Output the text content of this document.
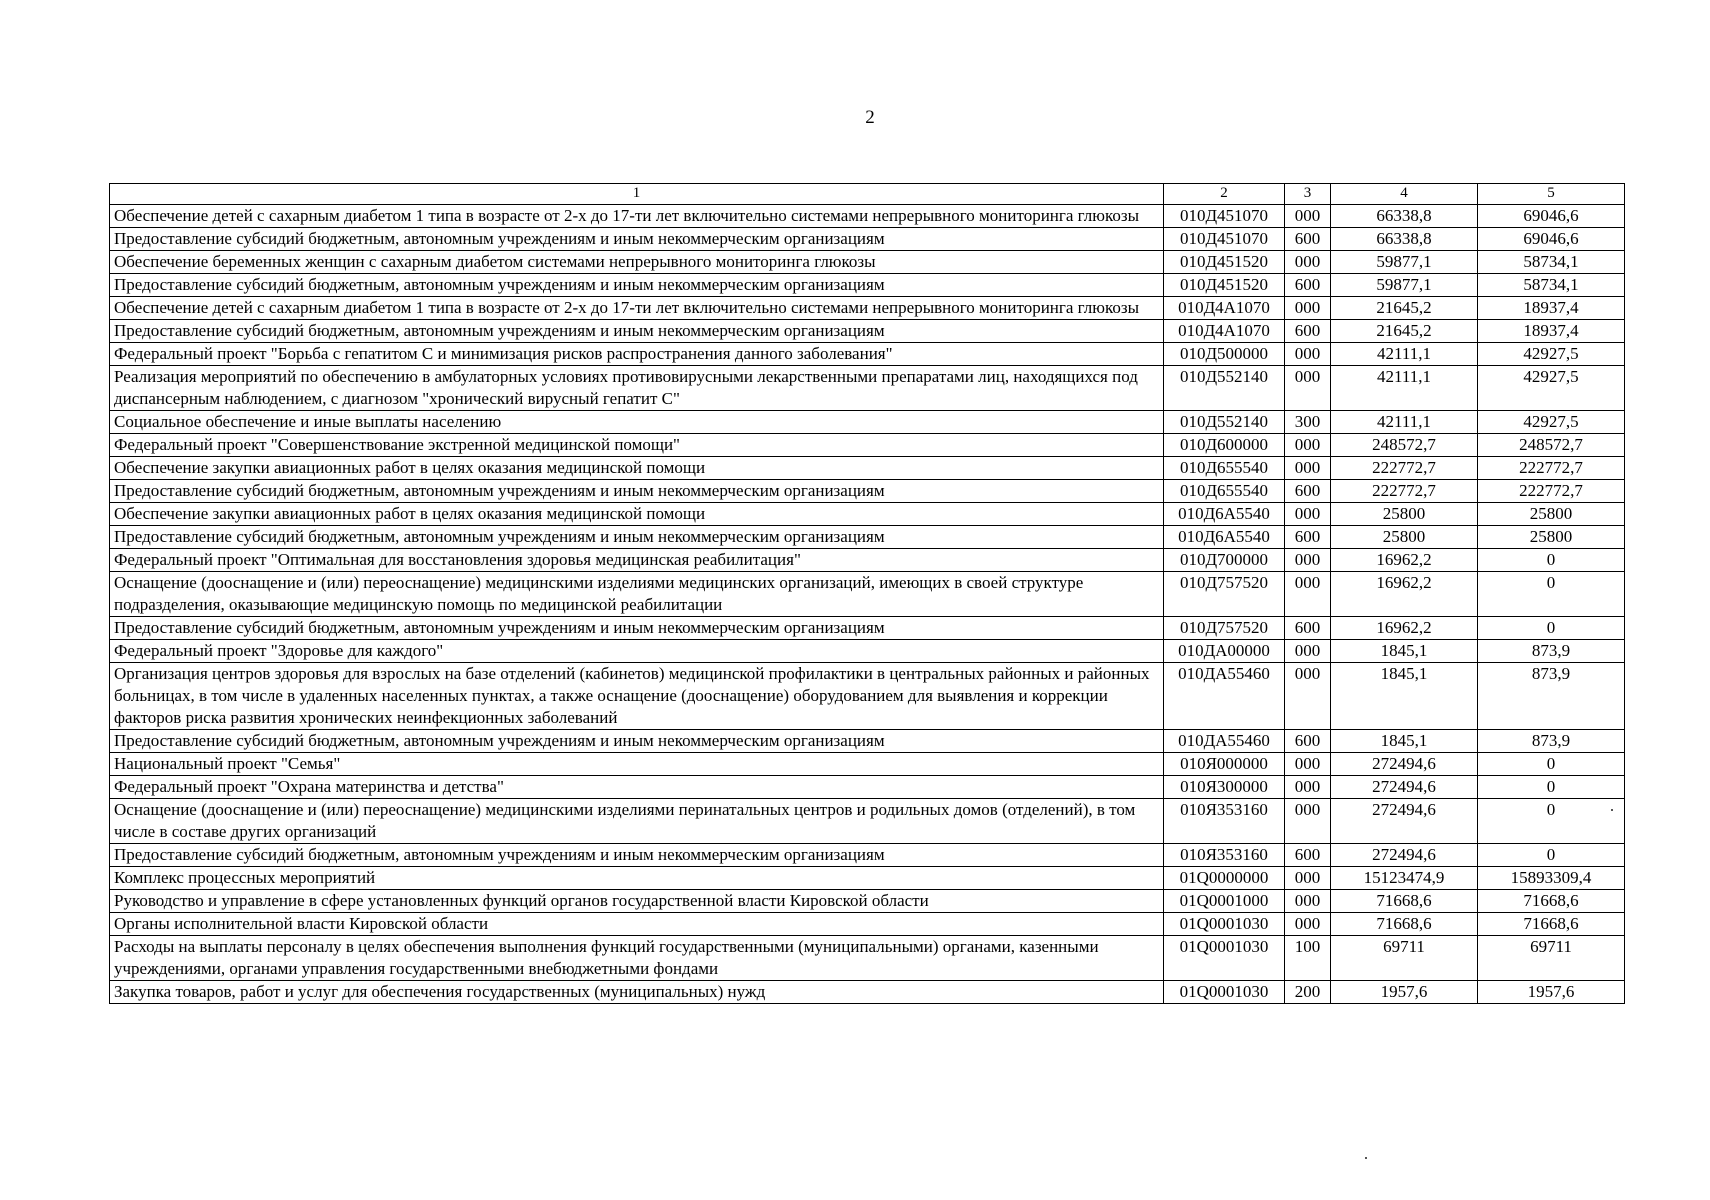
2
1	2	3	4	5
Обеспечение детей с сахарным диабетом 1 типа в возрасте от 2-х до 17-ти лет включительно системами непрерывного мониторинга глюкозы	010Д451070	000	66338,8	69046,6
Предоставление субсидий бюджетным, автономным учреждениям и иным некоммерческим организациям	010Д451070	600	66338,8	69046,6
Обеспечение беременных женщин с сахарным диабетом системами непрерывного мониторинга глюкозы	010Д451520	000	59877,1	58734,1
Предоставление субсидий бюджетным, автономным учреждениям и иным некоммерческим организациям	010Д451520	600	59877,1	58734,1
Обеспечение детей с сахарным диабетом 1 типа в возрасте от 2-х до 17-ти лет включительно системами непрерывного мониторинга глюкозы	010Д4А1070	000	21645,2	18937,4
Предоставление субсидий бюджетным, автономным учреждениям и иным некоммерческим организациям	010Д4А1070	600	21645,2	18937,4
Федеральный проект "Борьба с гепатитом С и минимизация рисков распространения данного заболевания"	010Д500000	000	42111,1	42927,5
Реализация мероприятий по обеспечению в амбулаторных условиях противовирусными лекарственными препаратами лиц, находящихся под диспансерным наблюдением, с диагнозом "хронический вирусный гепатит С"	010Д552140	000	42111,1	42927,5
Социальное обеспечение и иные выплаты населению	010Д552140	300	42111,1	42927,5
Федеральный проект "Совершенствование экстренной медицинской помощи"	010Д600000	000	248572,7	248572,7
Обеспечение закупки авиационных работ в целях оказания медицинской помощи	010Д655540	000	222772,7	222772,7
Предоставление субсидий бюджетным, автономным учреждениям и иным некоммерческим организациям	010Д655540	600	222772,7	222772,7
Обеспечение закупки авиационных работ в целях оказания медицинской помощи	010Д6А5540	000	25800	25800
Предоставление субсидий бюджетным, автономным учреждениям и иным некоммерческим организациям	010Д6А5540	600	25800	25800
Федеральный проект "Оптимальная для восстановления здоровья медицинская реабилитация"	010Д700000	000	16962,2	0
Оснащение (дооснащение и (или) переоснащение) медицинскими изделиями медицинских организаций, имеющих в своей структуре подразделения, оказывающие медицинскую помощь по медицинской реабилитации	010Д757520	000	16962,2	0
Предоставление субсидий бюджетным, автономным учреждениям и иным некоммерческим организациям	010Д757520	600	16962,2	0
Федеральный проект "Здоровье для каждого"	010ДА00000	000	1845,1	873,9
Организация центров здоровья для взрослых на базе отделений (кабинетов) медицинской профилактики в центральных районных и районных больницах, в том числе в удаленных населенных пунктах, а также оснащение (дооснащение) оборудованием для выявления и коррекции факторов риска развития хронических неинфекционных заболеваний	010ДА55460	000	1845,1	873,9
Предоставление субсидий бюджетным, автономным учреждениям и иным некоммерческим организациям	010ДА55460	600	1845,1	873,9
Национальный проект "Семья"	010Я000000	000	272494,6	0
Федеральный проект "Охрана материнства и детства"	010Я300000	000	272494,6	0
Оснащение (дооснащение и (или) переоснащение) медицинскими изделиями перинатальных центров и родильных домов (отделений), в том числе в составе других организаций	010Я353160	000	272494,6	0
Предоставление субсидий бюджетным, автономным учреждениям и иным некоммерческим организациям	010Я353160	600	272494,6	0
Комплекс процессных мероприятий	01Q0000000	000	15123474,9	15893309,4
Руководство и управление в сфере установленных функций органов государственной власти Кировской области	01Q0001000	000	71668,6	71668,6
Органы исполнительной власти Кировской области	01Q0001030	000	71668,6	71668,6
Расходы на выплаты персоналу в целях обеспечения выполнения функций государственными (муниципальными) органами, казенными учреждениями, органами управления государственными внебюджетными фондами	01Q0001030	100	69711	69711
Закупка товаров, работ и услуг для обеспечения государственных (муниципальных) нужд	01Q0001030	200	1957,6	1957,6
